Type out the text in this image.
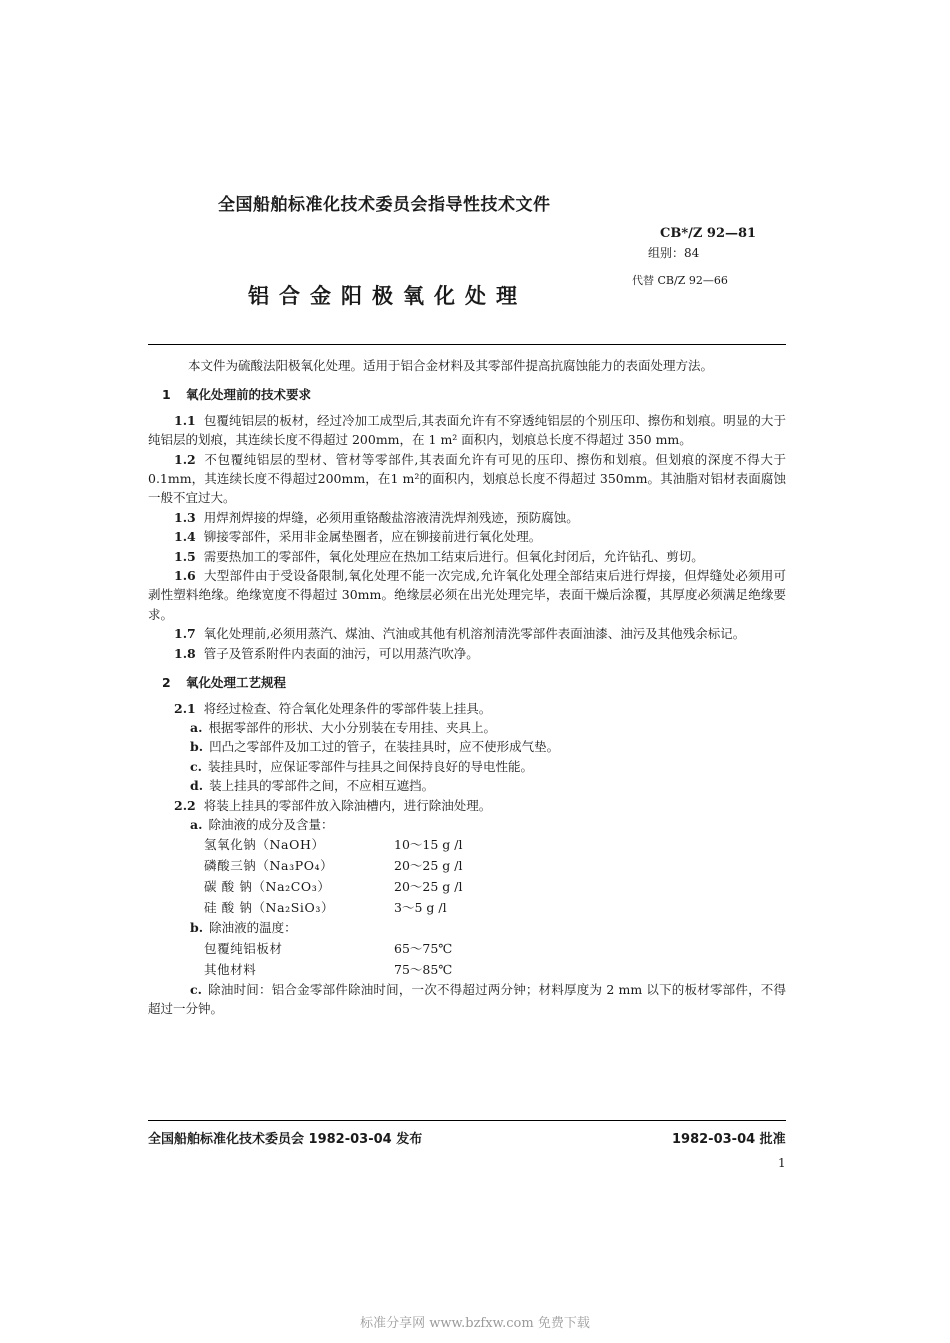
全国船舶标准化技术委员会指导性技术文件
CB*/Z 92—81
组别：84
铝合金阳极氧化处理
代替 CB/Z 92—66

本文件为硫酸法阳极氧化处理。适用于铝合金材料及其零部件提高抗腐蚀能力的表面处理方法。

1 氧化处理前的技术要求

1.1 包覆纯铝层的板材，经过冷加工成型后,其表面允许有不穿透纯铝层的个别压印、擦伤和划痕。明显的大于纯铝层的划痕，其连续长度不得超过 200mm，在 1 m² 面积内，划痕总长度不得超过 350 mm。

1.2 不包覆纯铝层的型材、管材等零部件,其表面允许有可见的压印、擦伤和划痕。但划痕的深度不得大于0.1mm，其连续长度不得超过200mm，在1 m²的面积内，划痕总长度不得超过 350mm。其油脂对铝材表面腐蚀一般不宜过大。

1.3 用焊剂焊接的焊缝，必须用重铬酸盐溶液清洗焊剂残迹，预防腐蚀。

1.4 铆接零部件，采用非金属垫圈者，应在铆接前进行氧化处理。

1.5 需要热加工的零部件，氧化处理应在热加工结束后进行。但氧化封闭后，允许钻孔、剪切。

1.6 大型部件由于受设备限制,氧化处理不能一次完成,允许氧化处理全部结束后进行焊接，但焊缝处必须用可剥性塑料绝缘。绝缘宽度不得超过 30mm。绝缘层必须在出光处理完毕，表面干燥后涂覆，其厚度必须满足绝缘要求。

1.7 氧化处理前,必须用蒸汽、煤油、汽油或其他有机溶剂清洗零部件表面油漆、油污及其他残余标记。

1.8 管子及管系附件内表面的油污，可以用蒸汽吹净。

2 氧化处理工艺规程

2.1 将经过检查、符合氧化处理条件的零部件装上挂具。

a. 根据零部件的形状、大小分别装在专用挂、夹具上。

b. 凹凸之零部件及加工过的管子，在装挂具时，应不使形成气垫。

c. 装挂具时，应保证零部件与挂具之间保持良好的导电性能。

d. 装上挂具的零部件之间，不应相互遮挡。

2.2 将装上挂具的零部件放入除油槽内，进行除油处理。

a. 除油液的成分及含量：

氢氧化钠（NaOH）	10～15 g /l
磷酸三钠（Na₃PO₄）	20～25 g /l
碳 酸 钠（Na₂CO₃）	20～25 g /l
硅 酸 钠（Na₂SiO₃）	3～5 g /l

b. 除油液的温度：

包覆纯铝板材	65～75℃
其他材料	75～85℃

c. 除油时间：铝合金零部件除油时间，一次不得超过两分钟；材料厚度为 2 mm 以下的板材零部件，不得超过一分钟。

全国船舶标准化技术委员会 1982-03-04 发布	1982-03-04 批准
1
标准分享网 www.bzfxw.com 免费下载
